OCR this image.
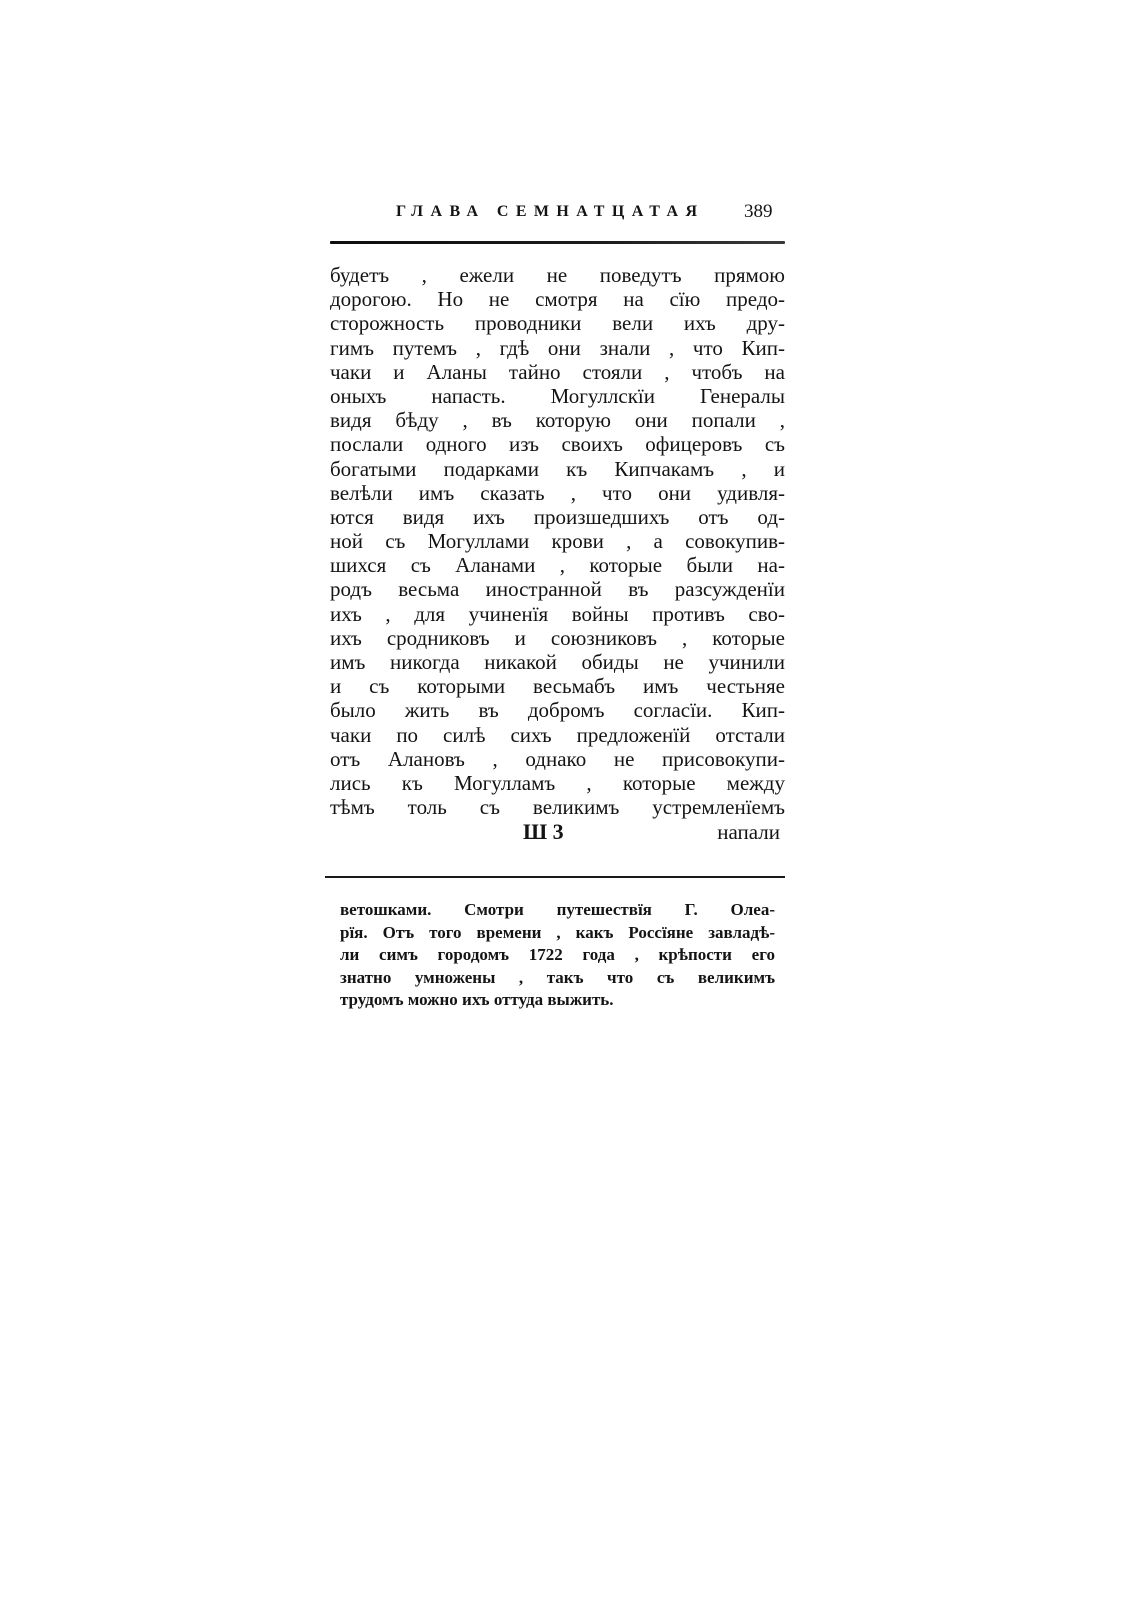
ГЛАВА СЕМНАТЦАТАЯ 389
будетъ , ежели не поведутъ прямою
дорогою. Но не смотря на сїю предо-
сторожность проводники вели ихъ дру-
гимъ путемъ , гдѣ они знали , что Кип-
чаки и Аланы тайно стояли , чтобъ на
оныхъ напасть. Могуллскїи Генералы
видя бѣду , въ которую они попали ,
послали одного изъ своихъ офицеровъ съ
богатыми подарками къ Кипчакамъ , и
велѣли имъ сказать , что они удивля-
ются видя ихъ произшедшихъ отъ од-
ной съ Могуллами крови , а совокупив-
шихся съ Аланами , которые были на-
родъ весьма иностранной въ разсужденїи
ихъ , для учиненїя войны противъ сво-
ихъ сродниковъ и союзниковъ , которые
имъ никогда никакой обиды не учинили
и съ которыми весьмабъ имъ честьняе
было жить въ добромъ согласїи. Кип-
чаки по силѣ сихъ предложенїй отстали
отъ Алановъ , однако не присовокупи-
лись къ Могулламъ , которые между
тѣмъ толь съ великимъ устремленїемъ
Ш 3	напали
ветошками. Смотри путешествїя Г. Олеа-
рїя. Отъ того времени , какъ Россїяне завладѣ-
ли симъ городомъ 1722 года , крѣпости его
знатно умножены , такъ что съ великимъ
трудомъ можно ихъ оттуда выжить.
